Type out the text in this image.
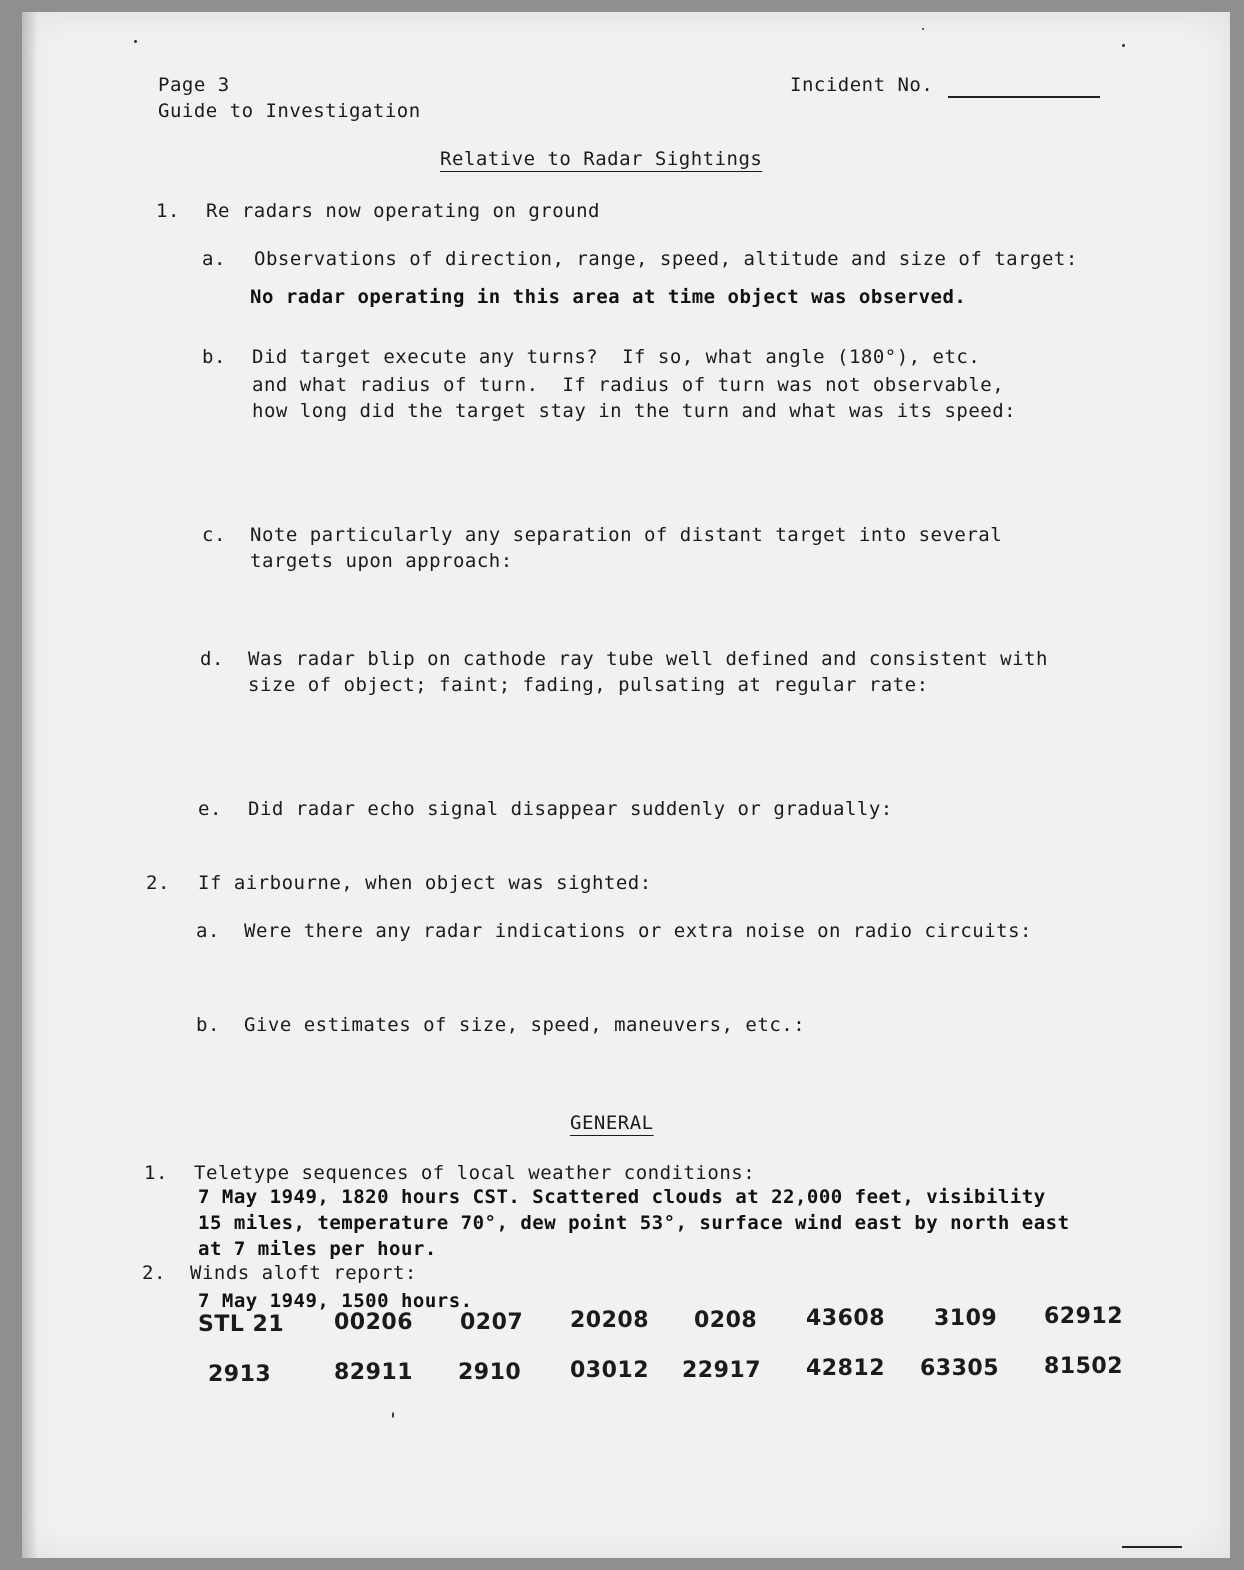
Page 3
Guide to Investigation
Incident No.
Relative to Radar Sightings
1. Re radars now operating on ground
a. Observations of direction, range, speed, altitude and size of target:
No radar operating in this area at time object was observed.
b. Did target execute any turns?  If so, what angle (180°), etc.
and what radius of turn.  If radius of turn was not observable,
how long did the target stay in the turn and what was its speed:
c. Note particularly any separation of distant target into several
targets upon approach:
d. Was radar blip on cathode ray tube well defined and consistent with
size of object; faint; fading, pulsating at regular rate:
e. Did radar echo signal disappear suddenly or gradually:
2. If airbourne, when object was sighted:
a. Were there any radar indications or extra noise on radio circuits:
b. Give estimates of size, speed, maneuvers, etc.:
GENERAL
1. Teletype sequences of local weather conditions:
7 May 1949, 1820 hours CST. Scattered clouds at 22,000 feet, visibility
15 miles, temperature 70°, dew point 53°, surface wind east by north east
at 7 miles per hour.
2. Winds aloft report:
7 May 1949, 1500 hours.
STL 21 00206 0207 20208 0208 43608 3109 62912
2913	82911 2910 03012 22917 42812 63305 81502
